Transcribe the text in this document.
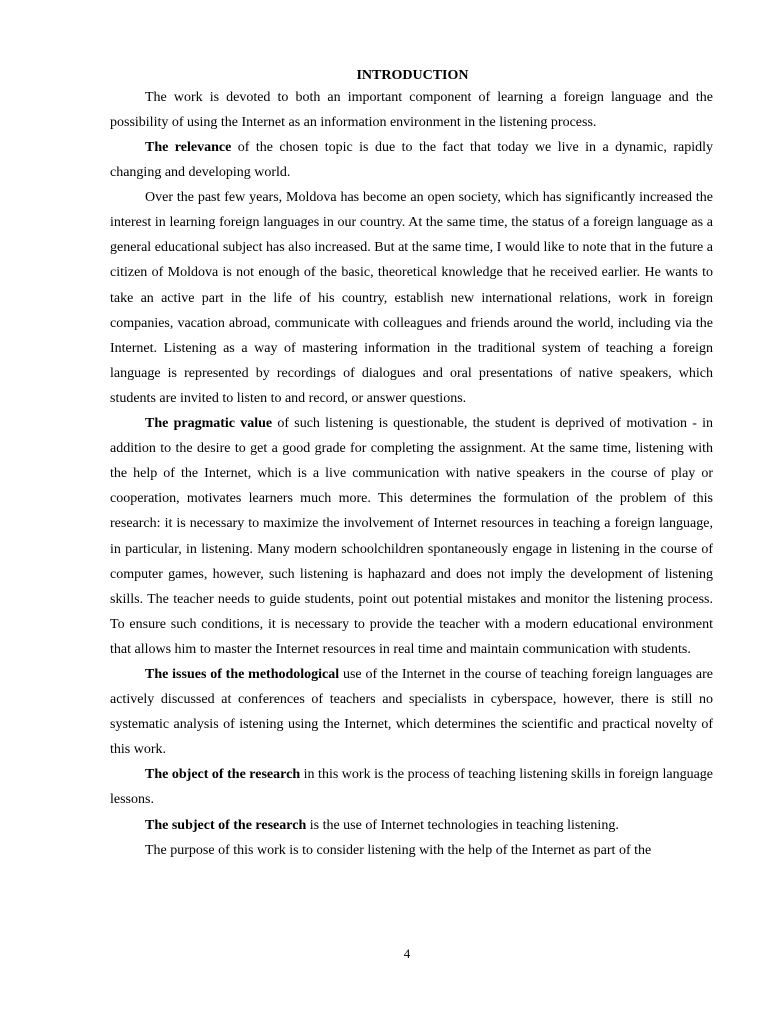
INTRODUCTION

The work is devoted to both an important component of learning a foreign language and the possibility of using the Internet as an information environment in the listening process.

The relevance of the chosen topic is due to the fact that today we live in a dynamic, rapidly changing and developing world.

Over the past few years, Moldova has become an open society, which has significantly increased the interest in learning foreign languages in our country. At the same time, the status of a foreign language as a general educational subject has also increased. But at the same time, I would like to note that in the future a citizen of Moldova is not enough of the basic, theoretical knowledge that he received earlier. He wants to take an active part in the life of his country, establish new international relations, work in foreign companies, vacation abroad, communicate with colleagues and friends around the world, including via the Internet. Listening as a way of mastering information in the traditional system of teaching a foreign language is represented by recordings of dialogues and oral presentations of native speakers, which students are invited to listen to and record, or answer questions.

The pragmatic value of such listening is questionable, the student is deprived of motivation - in addition to the desire to get a good grade for completing the assignment. At the same time, listening with the help of the Internet, which is a live communication with native speakers in the course of play or cooperation, motivates learners much more. This determines the formulation of the problem of this research: it is necessary to maximize the involvement of Internet resources in teaching a foreign language, in particular, in listening. Many modern schoolchildren spontaneously engage in listening in the course of computer games, however, such listening is haphazard and does not imply the development of listening skills. The teacher needs to guide students, point out potential mistakes and monitor the listening process. To ensure such conditions, it is necessary to provide the teacher with a modern educational environment that allows him to master the Internet resources in real time and maintain communication with students.

The issues of the methodological use of the Internet in the course of teaching foreign languages are actively discussed at conferences of teachers and specialists in cyberspace, however, there is still no systematic analysis of istening using the Internet, which determines the scientific and practical novelty of this work.

The object of the research in this work is the process of teaching listening skills in foreign language lessons.

The subject of the research is the use of Internet technologies in teaching listening.

The purpose of this work is to consider listening with the help of the Internet as part of the

4
